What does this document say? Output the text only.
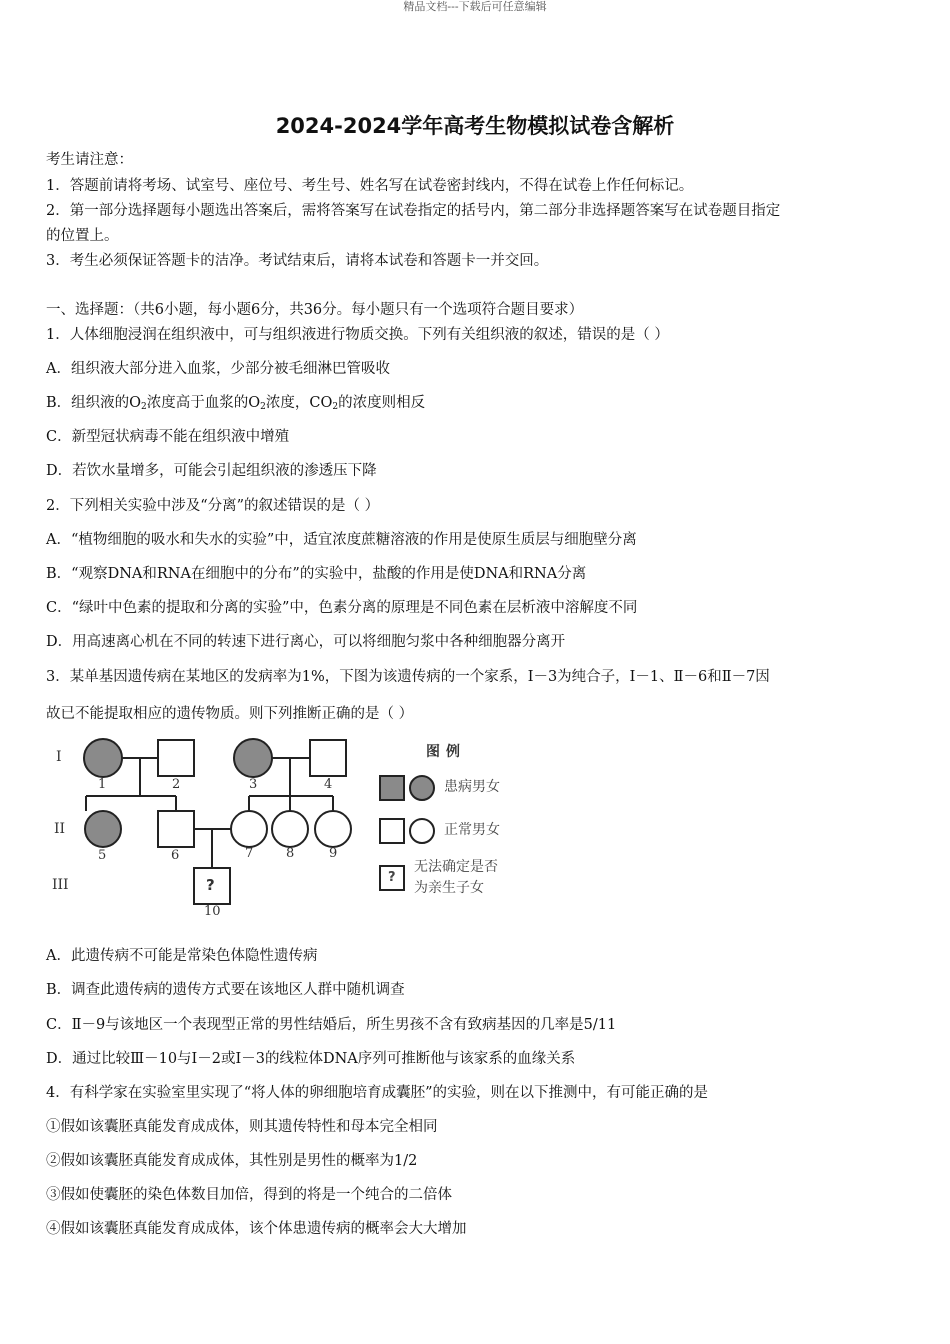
精品文档---下载后可任意编辑
2024-2024学年高考生物模拟试卷含解析
考生请注意：
1．答题前请将考场、试室号、座位号、考生号、姓名写在试卷密封线内，不得在试卷上作任何标记。
2．第一部分选择题每小题选出答案后，需将答案写在试卷指定的括号内，第二部分非选择题答案写在试卷题目指定
的位置上。
3．考生必须保证答题卡的洁净。考试结束后，请将本试卷和答题卡一并交回。
一、选择题：（共6小题，每小题6分，共36分。每小题只有一个选项符合题目要求）
1．人体细胞浸润在组织液中，可与组织液进行物质交换。下列有关组织液的叙述，错误的是（ ）
A．组织液大部分进入血浆，少部分被毛细淋巴管吸收
B．组织液的$O_2$浓度高于血浆的$O_2$浓度，$CO_2$的浓度则相反
C．新型冠状病毒不能在组织液中增殖
D．若饮水量增多，可能会引起组织液的渗透压下降
2．下列相关实验中涉及“分离”的叙述错误的是（ ）
A．“植物细胞的吸水和失水的实验”中，适宜浓度蔗糖溶液的作用是使原生质层与细胞壁分离
B．“观察DNA和RNA在细胞中的分布”的实验中，盐酸的作用是使DNA和RNA分离
C．“绿叶中色素的提取和分离的实验”中，色素分离的原理是不同色素在层析液中溶解度不同
D．用高速离心机在不同的转速下进行离心，可以将细胞匀浆中各种细胞器分离开
3．某单基因遗传病在某地区的发病率为1%，下图为该遗传病的一个家系，I－3为纯合子，I－1、Ⅱ－6和Ⅱ－7因
故已不能提取相应的遗传物质。则下列推断正确的是（ ）
I
II
III
1	2	3	4
5	6	7	8	9
10
?
图例
患病男女
正常男女
无法确定是否
为亲生子女
?
A．此遗传病不可能是常染色体隐性遗传病
B．调查此遗传病的遗传方式要在该地区人群中随机调查
C．Ⅱ－9与该地区一个表现型正常的男性结婚后，所生男孩不含有致病基因的几率是5/11
D．通过比较Ⅲ－10与Ⅰ－2或Ⅰ－3的线粒体DNA序列可推断他与该家系的血缘关系
4．有科学家在实验室里实现了“将人体的卵细胞培育成囊胚”的实验，则在以下推测中，有可能正确的是
①假如该囊胚真能发育成成体，则其遗传特性和母本完全相同
②假如该囊胚真能发育成成体，其性别是男性的概率为1/2
③假如使囊胚的染色体数目加倍，得到的将是一个纯合的二倍体
④假如该囊胚真能发育成成体，该个体患遗传病的概率会大大增加
